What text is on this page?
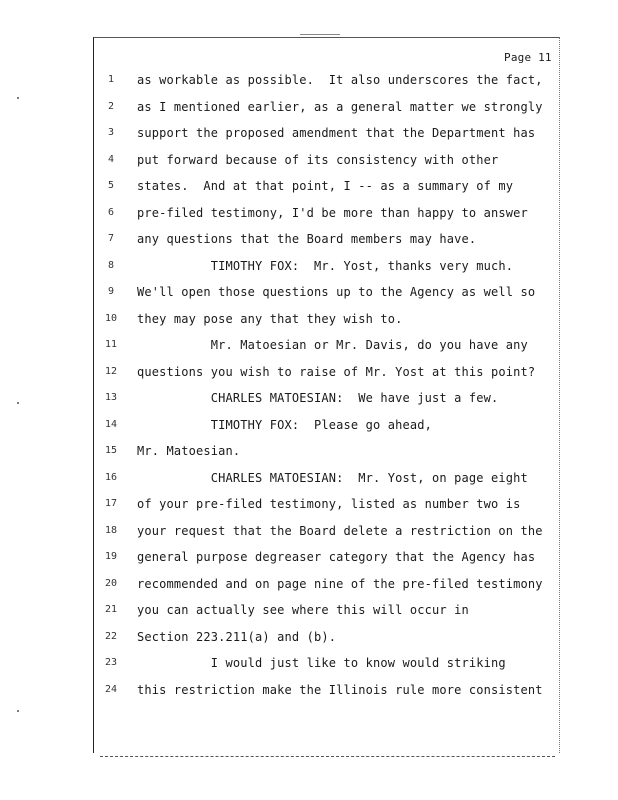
Page 11
1	as workable as possible.  It also underscores the fact,
2	as I mentioned earlier, as a general matter we strongly
3	support the proposed amendment that the Department has
4	put forward because of its consistency with other
5	states.  And at that point, I -- as a summary of my
6	pre-filed testimony, I'd be more than happy to answer
7	any questions that the Board members may have.
8	TIMOTHY FOX:  Mr. Yost, thanks very much.
9	We'll open those questions up to the Agency as well so
10	they may pose any that they wish to.
11	Mr. Matoesian or Mr. Davis, do you have any
12	questions you wish to raise of Mr. Yost at this point?
13	CHARLES MATOESIAN:  We have just a few.
14	TIMOTHY FOX:  Please go ahead,
15	Mr. Matoesian.
16	CHARLES MATOESIAN:  Mr. Yost, on page eight
17	of your pre-filed testimony, listed as number two is
18	your request that the Board delete a restriction on the
19	general purpose degreaser category that the Agency has
20	recommended and on page nine of the pre-filed testimony
21	you can actually see where this will occur in
22	Section 223.211(a) and (b).
23	I would just like to know would striking
24	this restriction make the Illinois rule more consistent
